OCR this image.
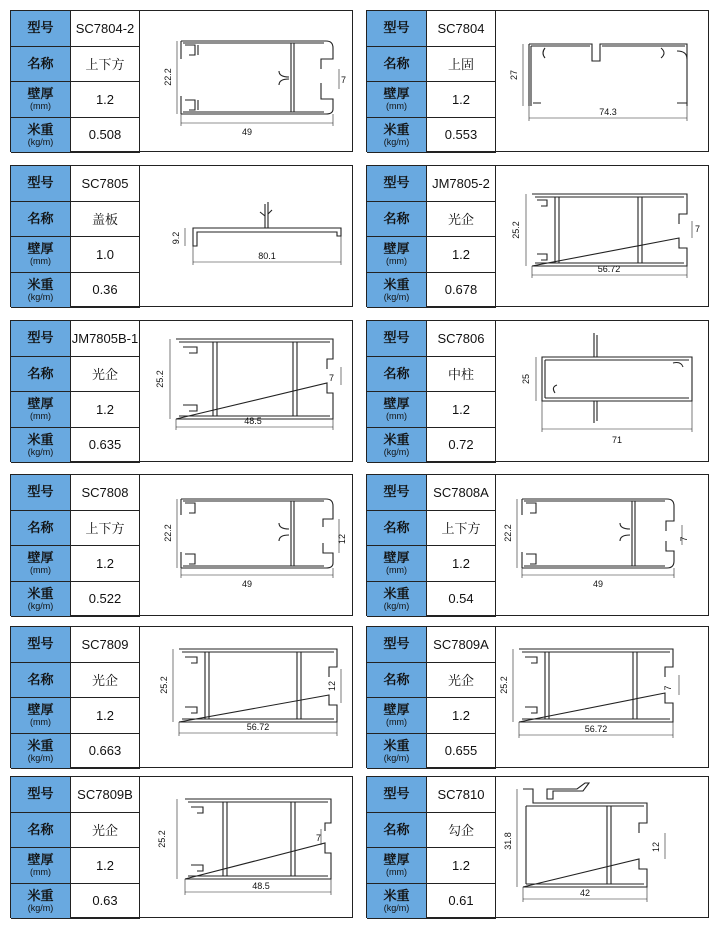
型号	SC7804-2
名称	上下方
壁厚
(mm)	1.2
米重
(kg/m)	0.508	49
22.2	7
型号	SC7804
名称	上固
壁厚
(mm)	1.2
米重
(kg/m)	0.553
74.3
27
型号	SC7805
名称	盖板
壁厚
(mm)	1.0
米重
(kg/m)	0.36
80.1
9.2
型号	JM7805-2
名称	光企
壁厚
(mm)	1.2
米重
(kg/m)	0.678
56.72
25.2	7
型号 JM7805B-1
名称	光企
壁厚
(mm)	1.2
米重
(kg/m)	0.635
48.5
25.2	7
型号	SC7806
名称	中柱
壁厚
(mm)	1.2
米重
(kg/m)	0.72	71
25
型号	SC7808
名称	上下方
壁厚
(mm)	1.2
米重
(kg/m)	0.522
49
22.2	12
型号	SC7808A
名称	上下方
壁厚
(mm)	1.2
米重
(kg/m)	0.54
49
22.2	7
型号	SC7809
名称	光企
壁厚
(mm)	1.2
米重
(kg/m)	0.663
56.72
25.2	12
型号	SC7809A
名称	光企
壁厚
(mm)	1.2
米重
(kg/m)	0.655
56.72
25.2	7
型号	SC7809B
名称	光企
壁厚
(mm)	1.2
米重
(kg/m)	0.63
48.5
25.2	7
型号	SC7810
名称	勾企
壁厚
(mm)	1.2
米重
(kg/m)	0.61
42
31.8	12
